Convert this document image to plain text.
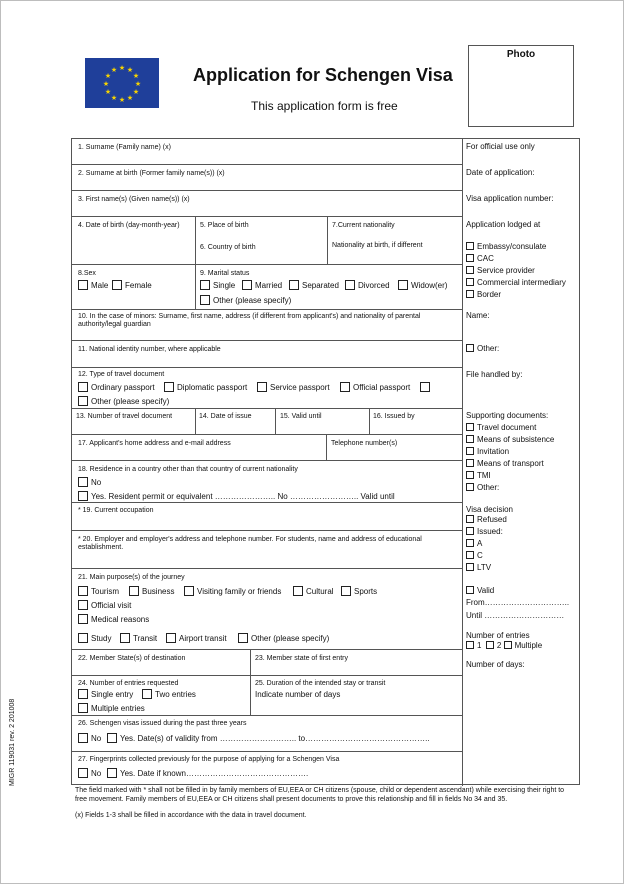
★ ★
★
★
★
★
★
★
★
★
★
★	Application for Schengen Visa
This application form is free
Photo
1. Surname (Family name) (x)
2. Surname at birth (Former family name(s)) (x)
3. First name(s) (Given name(s)) (x)
4. Date of birth (day-month-year)	5. Place of birth
6. Country of birth
7.Current nationality
Nationality at birth, if different
8.Sex
Male	Female
9. Marital status
Single	Married	Separated	Divorced	Widow(er)
Other (please specify)
10. In the case of minors: Surname, first name, address (if different from applicant's) and nationality of parental authority/legal guardian
11. National identity number, where applicable
12. Type of travel document
Ordinary passport	Diplomatic passport	Service passport	Official passport
Other (please specify)
13. Number of travel document	14. Date of issue	15. Valid until	16. Issued by
17. Applicant's home address and e-mail address	Telephone number(s)
18. Residence in a country other than that country of current nationality
No
Yes. Resident permit or equivalent ………………….. No …………………….. Valid until
* 19. Current occupation
* 20. Employer and employer's address and telephone number. For students, name and address of educational establishment.
21. Main purpose(s) of the journey
Tourism	Business	Visiting family or friends	Cultural	Sports
Official visit
Medical reasons
Study	Transit	Airport transit	Other (please specify)
22. Member State(s) of destination	23. Member state of first entry
24. Number of entries requested
Single entry	Two entries
Multiple entries
25. Duration of the intended stay or transit
Indicate number of days
26. Schengen visas issued during the past three years
No	Yes. Date(s) of validity from ……………………….. to………………………………………..
27. Fingerprints collected previously for the purpose of applying for a Schengen Visa
No	Yes. Date if known……………………………………….
For official use only
Date of application:
Visa application number:
Application lodged at
Embassy/consulate
CAC
Service provider
Commercial intermediary
Border
Name:
Other:
File handled by:
Supporting documents:
Travel document
Means of subsistence
Invitation
Means of transport
TMI
Other:
Visa decision
Refused
Issued:
A
C
LTV
Valid
From…………………………..
Until …………………………
Number of entries
1 2 Multiple
Number of days:
The field marked with * shall not be filled in by family members of EU,EEA or CH citizens (spouse, child or dependent ascendant) while exercising their right to free movement. Family members of EU,EEA or CH citizens shall present documents to prove this relationship and fill in fields No 34 and 35.
(x) Fields 1-3 shall be filled in accordance with the data in travel document.
MIGR 119031 rev. 2 201008
